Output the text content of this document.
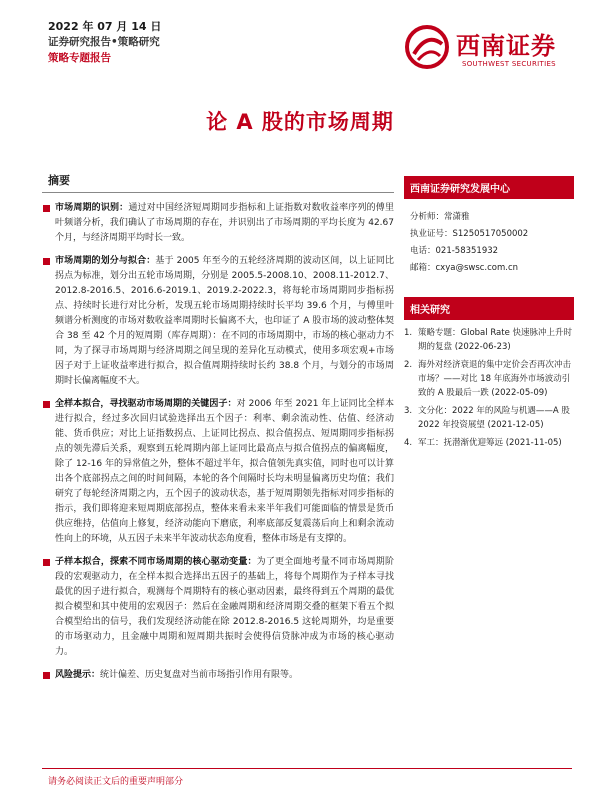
2022 年 07 月 14 日
证券研究报告•策略研究
策略专题报告	西南证券
SOUTHWEST SECURITIES
论 A 股的市场周期
摘要
市场周期的识别：通过对中国经济短周期同步指标和上证指数对数收益率序列的傅里叶频谱分析，我们确认了市场周期的存在，并识别出了市场周期的平均长度为 42.67 个月，与经济周期平均时长一致。
市场周期的划分与拟合：基于 2005 年至今的五轮经济周期的波动区间，以上证同比拐点为标准，划分出五轮市场周期，分别是 2005.5-2008.10、2008.11-2012.7、2012.8-2016.5、2016.6-2019.1、2019.2-2022.3，将每轮市场周期同步指标拐点、持续时长进行对比分析，发现五轮市场周期持续时长平均 39.6 个月，与傅里叶频谱分析测度的市场对数收益率周期时长偏离不大，也印证了 A 股市场的波动整体契合 38 至 42 个月的短周期（库存周期）：在不同的市场周期中，市场的核心驱动力不同，为了探寻市场周期与经济周期之间呈现的差异化互动模式，使用多项宏观+市场因子对于上证收益率进行拟合，拟合值周期持续时长约 38.8 个月，与划分的市场周期时长偏离幅度不大。
全样本拟合，寻找驱动市场周期的关键因子：对 2006 年至 2021 年上证同比全样本进行拟合，经过多次回归试验选择出五个因子：利率、剩余流动性、估值、经济动能、货币供应；对比上证指数拐点、上证同比拐点、拟合值拐点、短周期同步指标拐点的领先滞后关系，观察到五轮周期内部上证同比最高点与拟合值拐点的偏离幅度，除了 12-16 年的异常值之外，整体不超过半年，拟合值领先真实值，同时也可以计算出各个底部拐点之间的时间间隔，本轮的各个间隔时长均未明显偏离历史均值；我们研究了每轮经济周期之内，五个因子的波动状态，基于短周期领先指标对同步指标的指示，我们即将迎来短周期底部拐点，整体来看未来半年我们可能面临的情景是货币供应维持，估值向上修复，经济动能向下磨底，利率底部反复震荡后向上和剩余流动性向上的环境，从五因子未来半年波动状态角度看，整体市场是有支撑的。
子样本拟合，探索不同市场周期的核心驱动变量：为了更全面地考量不同市场周期阶段的宏观驱动力，在全样本拟合选择出五因子的基础上，将每个周期作为子样本寻找最优的因子进行拟合，观测每个周期特有的核心驱动因素，最终得到五个周期的最优拟合模型和其中使用的宏观因子：然后在金融周期和经济周期交叠的框架下看五个拟合模型给出的信号，我们发现经济动能在除 2012.8-2016.5 这轮周期外，均是重要的市场驱动力，且金融中周期和短周期共振时会使得信贷脉冲成为市场的核心驱动力。
风险提示：统计偏差、历史复盘对当前市场指引作用有限等。
西南证券研究发展中心
分析师：常潇雅
执业证号：S1250517050002
电话：021-58351932
邮箱：cxya@swsc.com.cn
相关研究
1. 策略专题：Global Rate 快速脉冲上升时期的复盘 (2022-06-23)
2. 海外对经济衰退的集中定价会否再次冲击市场？——对比 18 年底海外市场波动引致的 A 股最后一跌 (2022-05-09)
3. 文分化：2022 年的风险与机遇——A 股 2022 年投资展望 (2021-12-05)
4. 军工：抚潜渐优迎筹远 (2021-11-05)
请务必阅读正文后的重要声明部分
